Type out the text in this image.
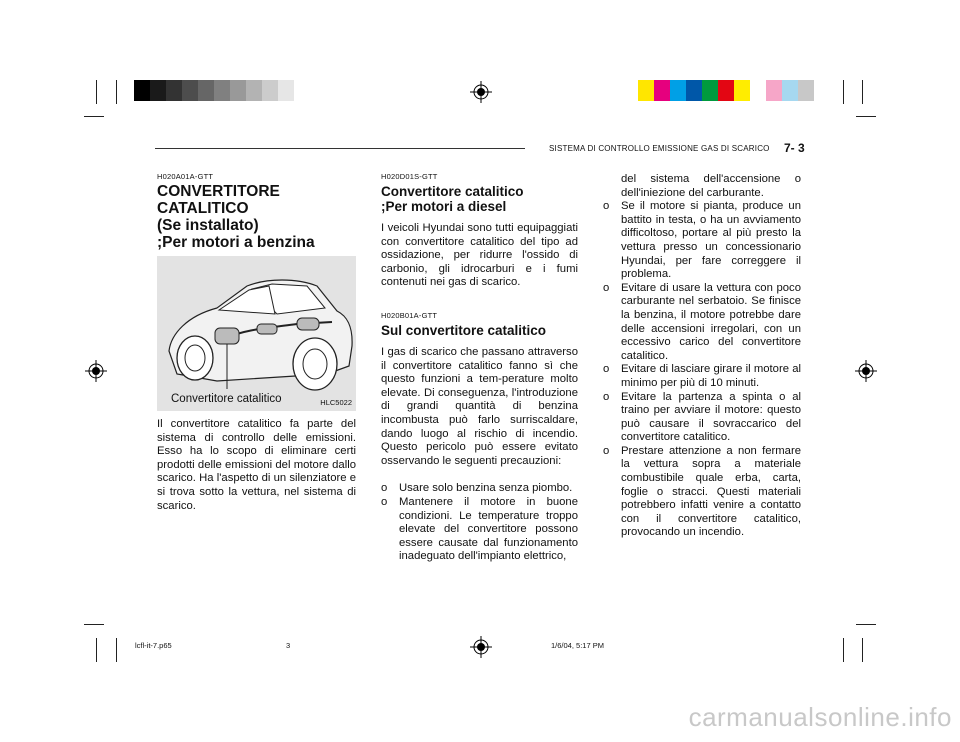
SISTEMA DI CONTROLLO EMISSIONE GAS DI SCARICO 7- 3
H020A01A-GTT
CONVERTITORE CATALITICO
(Se installato)
;Per motori a benzina
Convertitore catalitico	HLC5022
Il convertitore catalitico fa parte del sistema di controllo delle emissioni. Esso ha lo scopo di eliminare certi prodotti delle emissioni del motore dallo scarico. Ha l'aspetto di un silenziatore e si trova sotto la vettura, nel sistema di scarico.
H020D01S-GTT
Convertitore catalitico
;Per motori a diesel
I veicoli Hyundai sono tutti equipaggiati con convertitore catalitico del tipo ad ossidazione, per ridurre l'ossido di carbonio, gli idrocarburi e i fumi contenuti nei gas di scarico.
H020B01A-GTT
Sul convertitore catalitico
I gas di scarico che passano attraverso il convertitore catalitico fanno sì che questo funzioni a tem-perature molto elevate. Di conseguenza, l'introduzione di grandi quantità di benzina incombusta può farlo surriscaldare, dando luogo al rischio di incendio. Questo pericolo può essere evitato osservando le seguenti precauzioni:
o Usare solo benzina senza piombo.
o Mantenere il motore in buone condizioni. Le temperature troppo elevate del convertitore possono essere causate dal funzionamento inadeguato dell'impianto elettrico,
del sistema dell'accensione o dell'iniezione del carburante.
o Se il motore si pianta, produce un battito in testa, o ha un avviamento difficoltoso, portare al più presto la vettura presso un concessionario Hyundai, per fare correggere il problema.
o Evitare di usare la vettura con poco carburante nel serbatoio. Se finisce la benzina, il motore potrebbe dare delle accensioni irregolari, con un eccessivo carico del convertitore catalitico.
o Evitare di lasciare girare il motore al minimo per più di 10 minuti.
o Evitare la partenza a spinta o al traino per avviare il motore: questo può causare il sovraccarico del convertitore catalitico.
o Prestare attenzione a non fermare la vettura sopra a materiale combustibile quale erba, carta, foglie o stracci. Questi materiali potrebbero infatti venire a contatto con il convertitore catalitico, provocando un incendio.
lcfl-it-7.p65	3	1/6/04, 5:17 PM
carmanualsonline.info
